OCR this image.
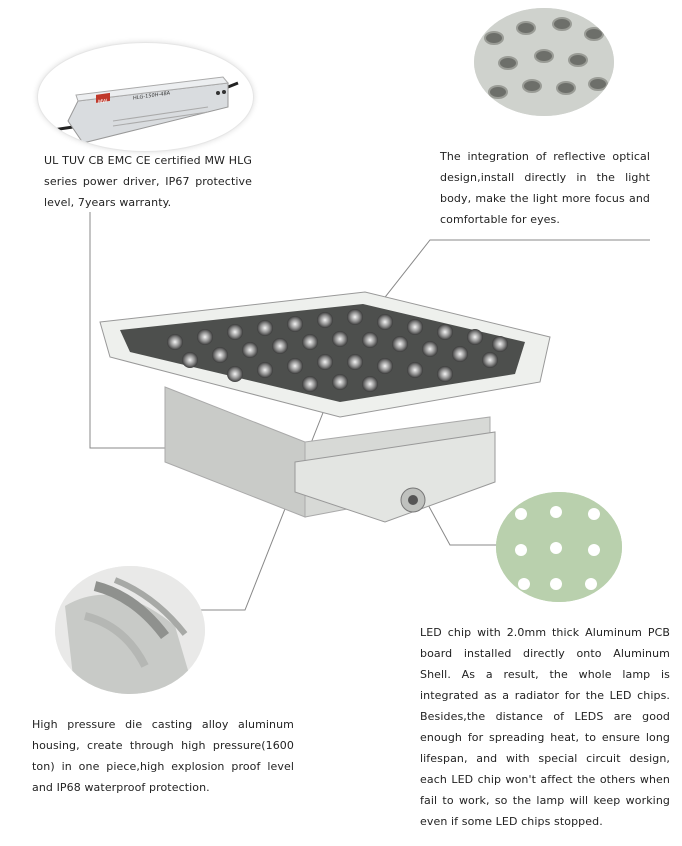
MW
HLG-150H-48A
UL TUV CB EMC CE certified MW HLG series power driver, IP67 protective level, 7years warranty.
The integration of reflective optical design,install directly in the light body, make the light more focus and comfortable for eyes.
High pressure die casting alloy aluminum housing, create through high pressure(1600 ton) in one piece,high explosion proof level and IP68 waterproof protection.
LED chip with 2.0mm thick Aluminum PCB board installed directly onto Aluminum Shell. As a result, the whole lamp is integrated as a radiator for the LED chips. Besides,the distance of LEDS are good enough for spreading heat, to ensure long lifespan, and with special circuit design, each LED chip won't affect the others when fail to work, so the lamp will keep working even if some LED chips stopped.
